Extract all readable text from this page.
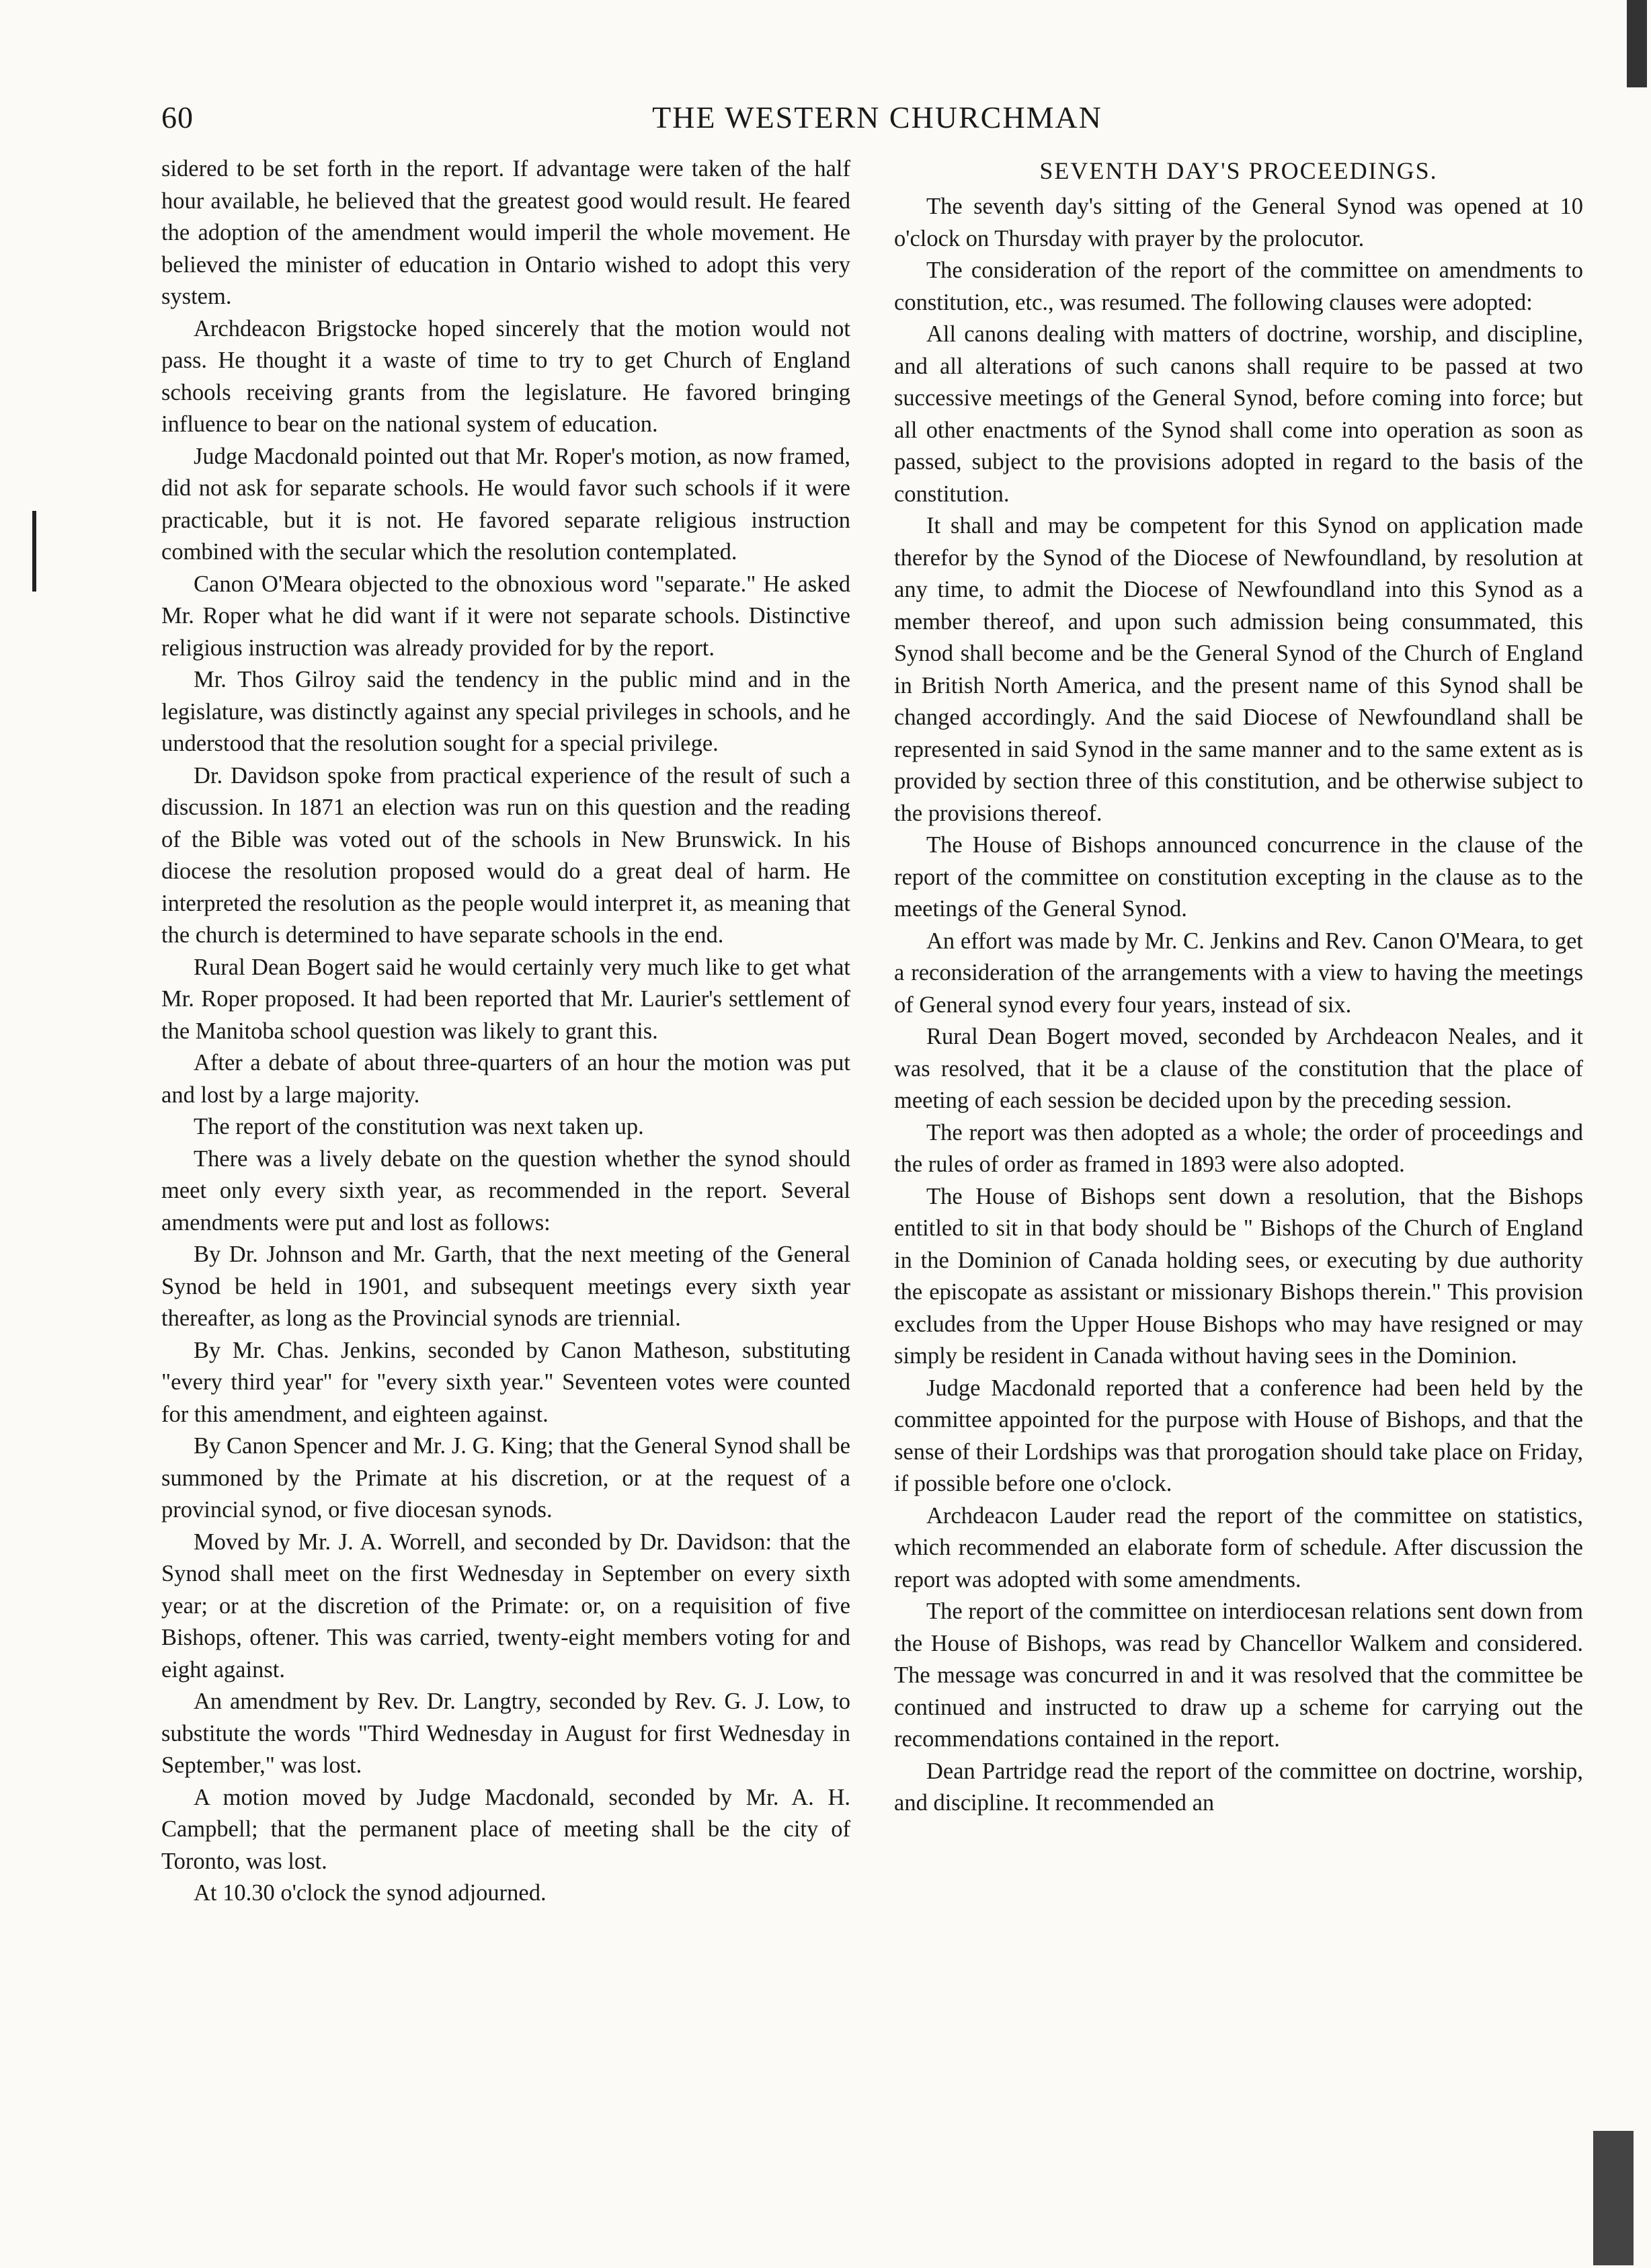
60	THE WESTERN CHURCHMAN

sidered to be set forth in the report. If advantage were taken of the half hour available, he believed that the greatest good would result. He feared the adoption of the amendment would imperil the whole movement. He believed the minister of education in Ontario wished to adopt this very system.

Archdeacon Brigstocke hoped sincerely that the motion would not pass. He thought it a waste of time to try to get Church of England schools receiving grants from the legislature. He favored bringing influence to bear on the national system of education.

Judge Macdonald pointed out that Mr. Roper's motion, as now framed, did not ask for separate schools. He would favor such schools if it were practicable, but it is not. He favored separate religious instruction combined with the secular which the resolution contemplated.

Canon O'Meara objected to the obnoxious word "separate." He asked Mr. Roper what he did want if it were not separate schools. Distinctive religious instruction was already provided for by the report.

Mr. Thos Gilroy said the tendency in the public mind and in the legislature, was distinctly against any special privileges in schools, and he understood that the resolution sought for a special privilege.

Dr. Davidson spoke from practical experience of the result of such a discussion. In 1871 an election was run on this question and the reading of the Bible was voted out of the schools in New Brunswick. In his diocese the resolution proposed would do a great deal of harm. He interpreted the resolution as the people would interpret it, as meaning that the church is determined to have separate schools in the end.

Rural Dean Bogert said he would certainly very much like to get what Mr. Roper proposed. It had been reported that Mr. Laurier's settlement of the Manitoba school question was likely to grant this.

After a debate of about three-quarters of an hour the motion was put and lost by a large majority.

The report of the constitution was next taken up.

There was a lively debate on the question whether the synod should meet only every sixth year, as recommended in the report. Several amendments were put and lost as follows:

By Dr. Johnson and Mr. Garth, that the next meeting of the General Synod be held in 1901, and subsequent meetings every sixth year thereafter, as long as the Provincial synods are triennial.

By Mr. Chas. Jenkins, seconded by Canon Matheson, substituting "every third year" for "every sixth year." Seventeen votes were counted for this amendment, and eighteen against.

By Canon Spencer and Mr. J. G. King; that the General Synod shall be summoned by the Primate at his discretion, or at the request of a provincial synod, or five diocesan synods.

Moved by Mr. J. A. Worrell, and seconded by Dr. Davidson: that the Synod shall meet on the first Wednesday in September on every sixth year; or at the discretion of the Primate: or, on a requisition of five Bishops, oftener. This was carried, twenty-eight members voting for and eight against.

An amendment by Rev. Dr. Langtry, seconded by Rev. G. J. Low, to substitute the words "Third Wednesday in August for first Wednesday in September," was lost.

A motion moved by Judge Macdonald, seconded by Mr. A. H. Campbell; that the permanent place of meeting shall be the city of Toronto, was lost.

At 10.30 o'clock the synod adjourned.

SEVENTH DAY'S PROCEEDINGS.

The seventh day's sitting of the General Synod was opened at 10 o'clock on Thursday with prayer by the prolocutor.

The consideration of the report of the committee on amendments to constitution, etc., was resumed. The following clauses were adopted:

All canons dealing with matters of doctrine, worship, and discipline, and all alterations of such canons shall require to be passed at two successive meetings of the General Synod, before coming into force; but all other enactments of the Synod shall come into operation as soon as passed, subject to the provisions adopted in regard to the basis of the constitution.

It shall and may be competent for this Synod on application made therefor by the Synod of the Diocese of Newfoundland, by resolution at any time, to admit the Diocese of Newfoundland into this Synod as a member thereof, and upon such admission being consummated, this Synod shall become and be the General Synod of the Church of England in British North America, and the present name of this Synod shall be changed accordingly. And the said Diocese of Newfoundland shall be represented in said Synod in the same manner and to the same extent as is provided by section three of this constitution, and be otherwise subject to the provisions thereof.

The House of Bishops announced concurrence in the clause of the report of the committee on constitution excepting in the clause as to the meetings of the General Synod.

An effort was made by Mr. C. Jenkins and Rev. Canon O'Meara, to get a reconsideration of the arrangements with a view to having the meetings of General synod every four years, instead of six.

Rural Dean Bogert moved, seconded by Archdeacon Neales, and it was resolved, that it be a clause of the constitution that the place of meeting of each session be decided upon by the preceding session.

The report was then adopted as a whole; the order of proceedings and the rules of order as framed in 1893 were also adopted.

The House of Bishops sent down a resolution, that the Bishops entitled to sit in that body should be " Bishops of the Church of England in the Dominion of Canada holding sees, or executing by due authority the episcopate as assistant or missionary Bishops therein." This provision excludes from the Upper House Bishops who may have resigned or may simply be resident in Canada without having sees in the Dominion.

Judge Macdonald reported that a conference had been held by the committee appointed for the purpose with House of Bishops, and that the sense of their Lordships was that prorogation should take place on Friday, if possible before one o'clock.

Archdeacon Lauder read the report of the committee on statistics, which recommended an elaborate form of schedule. After discussion the report was adopted with some amendments.

The report of the committee on interdiocesan relations sent down from the House of Bishops, was read by Chancellor Walkem and considered. The message was concurred in and it was resolved that the committee be continued and instructed to draw up a scheme for carrying out the recommendations contained in the report.

Dean Partridge read the report of the committee on doctrine, worship, and discipline. It recommended an
